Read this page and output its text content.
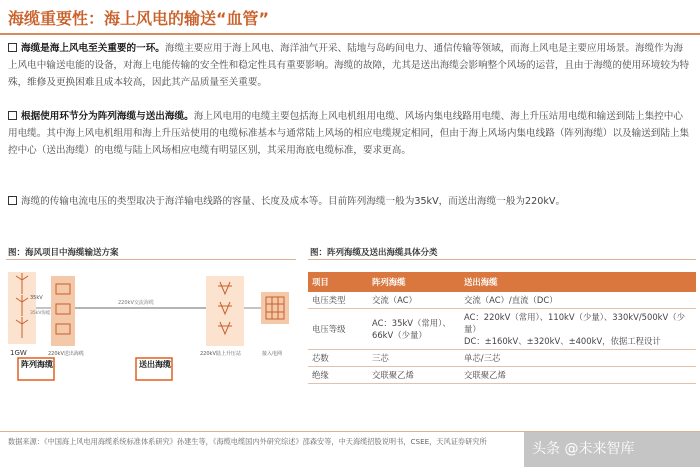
海缆重要性：海上风电的输送“血管”
海缆是海上风电至关重要的一环。海缆主要应用于海上风电、海洋油气开采、陆地与岛屿间电力、通信传输等领域，而海上风电是主要应用场景。海缆作为海上风电中输送电能的设备，对海上电能传输的安全性和稳定性具有重要影响。海缆的故障，尤其是送出海缆会影响整个风场的运营，且由于海缆的使用环境较为特殊，维修及更换困难且成本较高，因此其产品质量至关重要。
根据使用环节分为阵列海缆与送出海缆。海上风电用的电缆主要包括海上风电机组用电缆、风场内集电线路用电缆、海上升压站用电缆和输送到陆上集控中心用电缆。其中海上风电机组用和海上升压站使用的电缆标准基本与通常陆上风场的相应电缆规定相同，但由于海上风场内集电线路（阵列海缆）以及输送到陆上集控中心（送出海缆）的电缆与陆上风场相应电缆有明显区别，其采用海底电缆标准，要求更高。
海缆的传输电流电压的类型取决于海洋输电线路的容量、长度及成本等。目前阵列海缆一般为35kV，而送出海缆一般为220kV。
图：海风项目中海缆输送方案	图：阵列海缆及送出海缆具体分类
1GW
35kV
35kV海缆
220kV送出海缆
220kV交流海缆
220kV陆上升压站	接入电网
阵列海缆	送出海缆
项目	阵列海缆	送出海缆
电压类型	交流（AC）	交流（AC）/直流（DC）
电压等级	AC：35kV（常用）、66kV（少量）	AC：220kV（常用）、110kV（少量）、330kV/500kV（少量）
DC：±160kV、±320kV、±400kV，依据工程设计
芯数	三芯	单芯/三芯
绝缘	交联聚乙烯	交联聚乙烯
数据来源：《中国海上风电用海缆系统标准体系研究》孙建生等，《海缆电缆国内外研究综述》邵森安等，中天海缆招股说明书，CSEE，天风证券研究所	头条 @未来智库
